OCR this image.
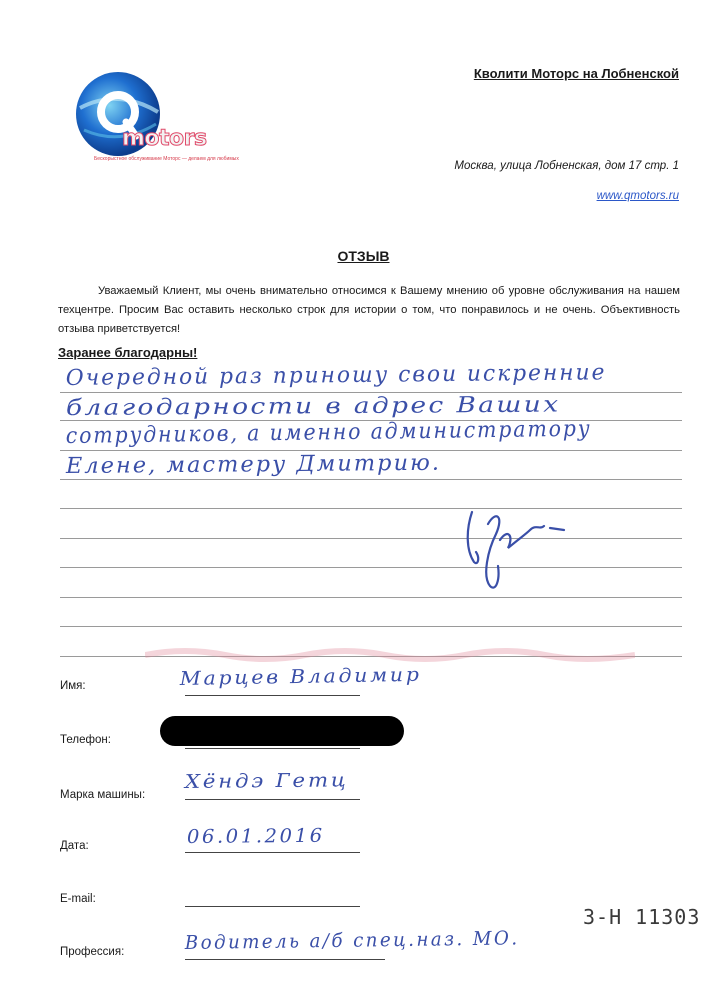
motors
Бескорыстное обслуживание Моторс — делаем для любимых
Кволити Моторс на Лобненской
Москва, улица Лобненская, дом 17 стр. 1
www.qmotors.ru
ОТЗЫВ
Уважаемый Клиент, мы очень внимательно относимся к Вашему мнению об уровне обслуживания на нашем техцентре. Просим Вас оставить несколько строк для истории о том, что понравилось и не очень. Объективность отзыва приветствуется!
Заранее благодарны!
Очередной раз приношу свои искренние
благодарности в адрес Ваших
сотрудников, а именно администратору
Елене, мастеру Дмитрию.
Имя:	Марцев Владимир
Телефон:
Марка машины:
Хёндэ Гетц
Дата:	06.01.2016
E-mail:
Профессия:	Водитель а/б спец.наз. МО.
3-Н 11303
